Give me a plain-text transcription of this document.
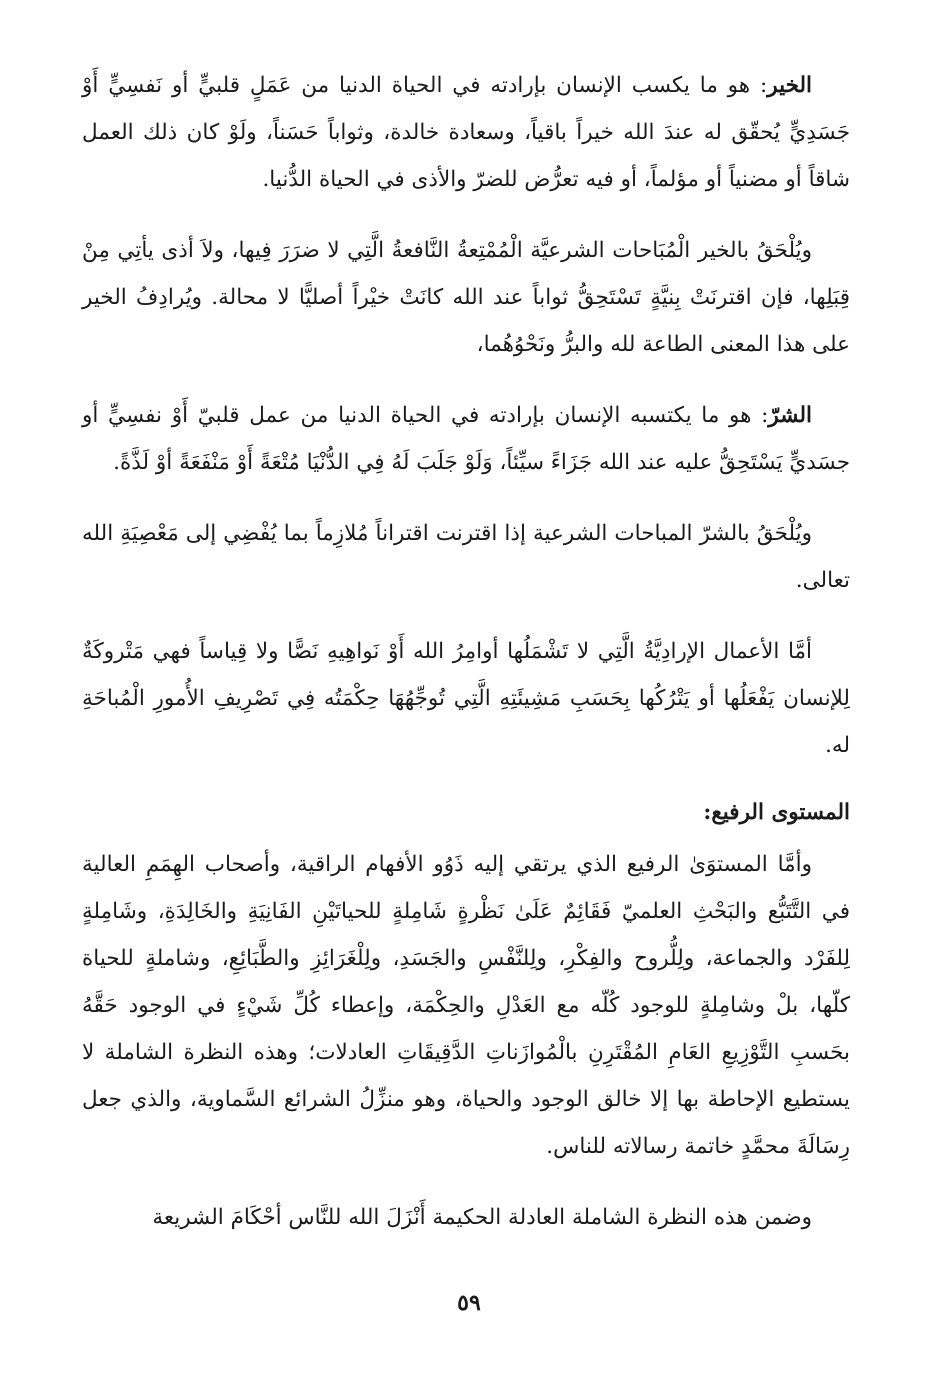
الخير: هو ما يكسب الإنسان بإرادته في الحياة الدنيا من عَمَلٍ قلبيٍّ أو نَفسِيٍّ أَوْ جَسَدِيٍّ يُحقّق له عندَ الله خيراً باقياً، وسعادة خالدة، وثواباً حَسَناً، ولَوْ كان ذلك العمل شاقاً أو مضنياً أو مؤلماً، أو فيه تعرُّض للضرّ والأذى في الحياة الدُّنيا.

ويُلْحَقُ بالخير الْمُبَاحات الشرعيَّة الْمُمْتِعةُ النَّافعةُ الَّتِي لا ضرَرَ فِيها، ولاَ أذى يأتِي مِنْ قِبَلِها، فإن اقترنَتْ بِنيَّةٍ تَسْتَحِقُّ ثواباً عند الله كانَتْ خيْراً أصليًّا لا محالة. ويُرادِفُ الخير على هذا المعنى الطاعة لله والبرُّ ونَحْوُهُما،

الشرّ: هو ما يكتسبه الإنسان بإرادته في الحياة الدنيا من عمل قلبيّ أَوْ نفسِيٍّ أو جسَديٍّ يَسْتَحِقُّ عليه عند الله جَزَاءً سيِّئاً، وَلَوْ جَلَبَ لَهُ فِي الدُّنْيَا مُتْعَةً أَوْ مَنْفَعَةً أوْ لَذَّةً.

ويُلْحَقُ بالشرّ المباحات الشرعية إذا اقترنت اقتراناً مُلازِماً بما يُفْضِي إلى مَعْصِيَةِ الله تعالى.

أمَّا الأعمال الإرادِيَّةُ الَّتِي لا تَشْمَلُها أوامِرُ الله أَوْ نَواهِيهِ نَصًّا ولا قِياساً فهي مَتْروكَةٌ لِلإنسان يَفْعَلُها أو يَتْرُكُها بِحَسَبِ مَشِيئَتِهِ الَّتِي تُوجِّهُهَا حِكْمَتُه فِي تَصْرِيفِ الأُمورِ الْمُباحَةِ له.

المستوى الرفيع:

وأمَّا المستوَىٰ الرفيع الذي يرتقي إليه ذَوُو الأفهام الراقية، وأصحاب الهِمَمِ العالية في التَّتَبُّع والبَحْثِ العلميّ فَقَائِمٌ عَلَىٰ نَظْرةٍ شَامِلةٍ للحياتَيْنِ الفَانِيَةِ والخَالِدَةِ، وشَامِلةٍ لِلفَرْد والجماعة، ولِلُّروح والفِكْرِ، ولِلنَّفْسِ والجَسَدِ، ولِلْغَرَائِزِ والطَّبَائِعِ، وشاملةٍ للحياة كلّها، بلْ وشامِلةٍ للوجود كُلّه مع العَدْلِ والحِكْمَة، وإعطاء كُلِّ شَيْءٍ في الوجود حَقَّهُ بحَسبِ التَّوْزِيعِ العَامِ المُقْتَرِنِ بالْمُوازَناتِ الدَّقِيقَاتِ العادلات؛ وهذه النظرة الشاملة لا يستطيع الإحاطة بها إلا خالق الوجود والحياة، وهو منزِّلُ الشرائع السَّماوية، والذي جعل رِسَالَةَ محمَّدٍ خاتمة رسالاته للناس.

وضمن هذه النظرة الشاملة العادلة الحكيمة أَنْزَلَ الله للنَّاس أحْكَامَ الشريعة

٥٩
